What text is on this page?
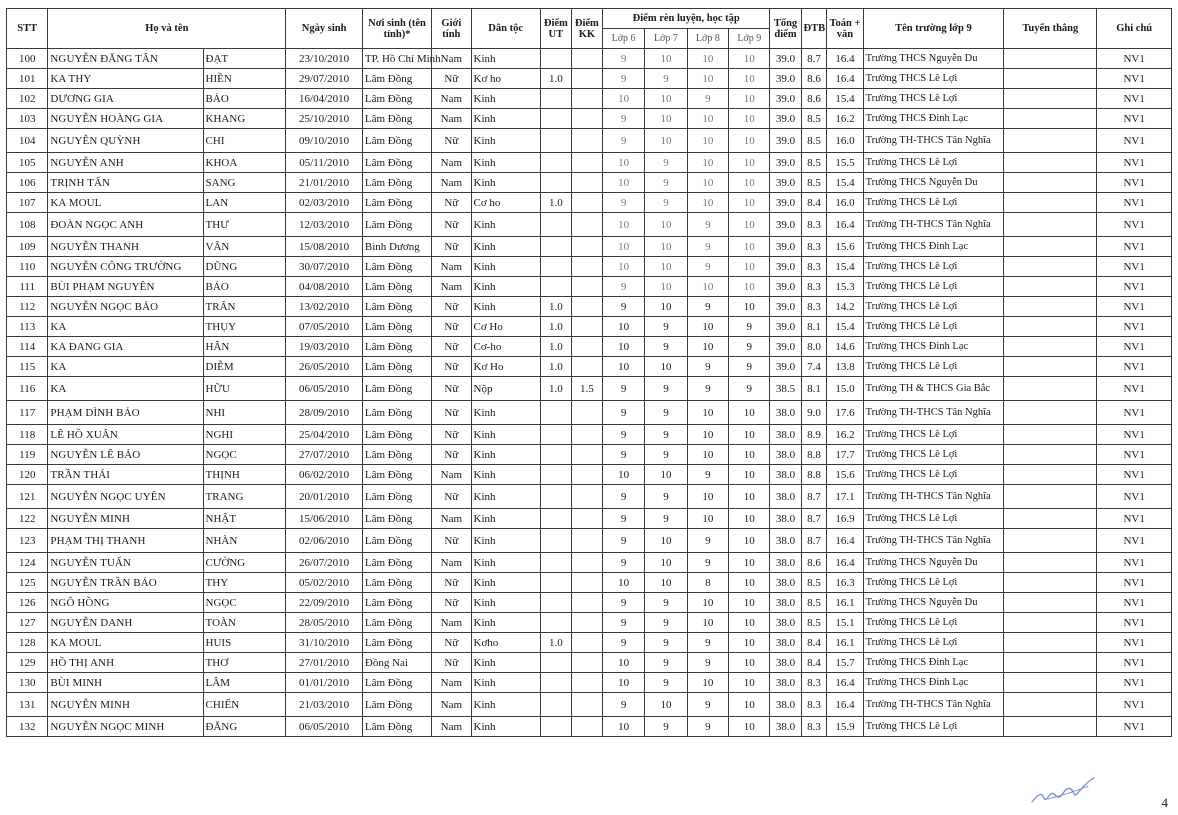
STT	Họ và tên		Ngày sinh	Nơi sinh (tên tỉnh)*	Giới tính	Dân tộc	Điểm UT	Điểm KK	Điểm rèn luyện, học tập				Tổng điểm	ĐTB	Toán + văn	Tên trường lớp 9	Tuyển thẳng	Ghi chú
									Lớp 6	Lớp 7	Lớp 8	Lớp 9						
100	NGUYỄN ĐĂNG TÂN	ĐẠT	23/10/2010	TP. Hồ Chí Minh	Nam	Kinh			9	10	10	10	39.0	8.7	16.4	Trường THCS Nguyễn Du		NV1
101	KA THY	HIỀN	29/07/2010	Lâm Đồng	Nữ	Kơ ho	1.0		9	9	10	10	39.0	8.6	16.4	Trường THCS Lê Lợi		NV1
102	DƯƠNG GIA	BẢO	16/04/2010	Lâm Đồng	Nam	Kinh			10	10	9	10	39.0	8.6	15.4	Trường THCS Lê Lợi		NV1
103	NGUYỄN HOÀNG GIA	KHANG	25/10/2010	Lâm Đồng	Nam	Kinh			9	10	10	10	39.0	8.5	16.2	Trường THCS Đinh Lạc		NV1
104	NGUYỄN QUỲNH	CHI	09/10/2010	Lâm Đồng	Nữ	Kinh			9	10	10	10	39.0	8.5	16.0	Trường TH-THCS Tân Nghĩa		NV1
105	NGUYỄN ANH	KHOA	05/11/2010	Lâm Đồng	Nam	Kinh			10	9	10	10	39.0	8.5	15.5	Trường THCS Lê Lợi		NV1
106	TRỊNH TẤN	SANG	21/01/2010	Lâm Đồng	Nam	Kinh			10	9	10	10	39.0	8.5	15.4	Trường THCS Nguyễn Du		NV1
107	KA MOUL	LAN	02/03/2010	Lâm Đồng	Nữ	Cơ ho	1.0		9	9	10	10	39.0	8.4	16.0	Trường THCS Lê Lợi		NV1
108	ĐOÀN NGỌC ANH	THƯ	12/03/2010	Lâm Đồng	Nữ	Kinh			10	10	9	10	39.0	8.3	16.4	Trường TH-THCS Tân Nghĩa		NV1
109	NGUYỄN THANH	VÂN	15/08/2010	Bình Dương	Nữ	Kinh			10	10	9	10	39.0	8.3	15.6	Trường THCS Đinh Lạc		NV1
110	NGUYỄN CÔNG TRƯỜNG	DŨNG	30/07/2010	Lâm Đồng	Nam	Kinh			10	10	9	10	39.0	8.3	15.4	Trường THCS Lê Lợi		NV1
111	BÙI PHẠM NGUYÊN	BẢO	04/08/2010	Lâm Đồng	Nam	Kinh			9	10	10	10	39.0	8.3	15.3	Trường THCS Lê Lợi		NV1
112	NGUYỄN NGỌC BẢO	TRÂN	13/02/2010	Lâm Đồng	Nữ	Kinh	1.0		9	10	9	10	39.0	8.3	14.2	Trường THCS Lê Lợi		NV1
113	KA	THỤY	07/05/2010	Lâm Đồng	Nữ	Cơ Ho	1.0		10	9	10	9	39.0	8.1	15.4	Trường THCS Lê Lợi		NV1
114	KA ĐANG GIA	HÂN	19/03/2010	Lâm Đồng	Nữ	Cơ-ho	1.0		10	9	10	9	39.0	8.0	14.6	Trường THCS Đinh Lạc		NV1
115	KA	DIỄM	26/05/2010	Lâm Đồng	Nữ	Kơ Ho	1.0		10	10	9	9	39.0	7.4	13.8	Trường THCS Lê Lợi		NV1
116	KA	HỮU	06/05/2010	Lâm Đồng	Nữ	Nộp	1.0	1.5	9	9	9	9	38.5	8.1	15.0	Trường TH & THCS Gia Bắc		NV1
117	PHẠM DÌNH BẢO	NHI	28/09/2010	Lâm Đồng	Nữ	Kinh			9	9	10	10	38.0	9.0	17.6	Trường TH-THCS Tân Nghĩa		NV1
118	LÊ HỒ XUÂN	NGHI	25/04/2010	Lâm Đồng	Nữ	Kinh			9	9	10	10	38.0	8.9	16.2	Trường THCS Lê Lợi		NV1
119	NGUYỄN LÊ BẢO	NGỌC	27/07/2010	Lâm Đồng	Nữ	Kinh			9	9	10	10	38.0	8.8	17.7	Trường THCS Lê Lợi		NV1
120	TRẦN THÁI	THỊNH	06/02/2010	Lâm Đồng	Nam	Kinh			10	10	9	10	38.0	8.8	15.6	Trường THCS Lê Lợi		NV1
121	NGUYỄN NGỌC UYÊN	TRANG	20/01/2010	Lâm Đồng	Nữ	Kinh			9	9	10	10	38.0	8.7	17.1	Trường TH-THCS Tân Nghĩa		NV1
122	NGUYỄN MINH	NHẬT	15/06/2010	Lâm Đồng	Nam	Kinh			9	9	10	10	38.0	8.7	16.9	Trường THCS Lê Lợi		NV1
123	PHẠM THỊ THANH	NHÀN	02/06/2010	Lâm Đồng	Nữ	Kinh			9	10	9	10	38.0	8.7	16.4	Trường TH-THCS Tân Nghĩa		NV1
124	NGUYỄN TUẤN	CƯỜNG	26/07/2010	Lâm Đồng	Nam	Kinh			9	10	9	10	38.0	8.6	16.4	Trường THCS Nguyễn Du		NV1
125	NGUYỄN TRẦN BẢO	THY	05/02/2010	Lâm Đồng	Nữ	Kinh			10	10	8	10	38.0	8.5	16.3	Trường THCS Lê Lợi		NV1
126	NGÔ HỒNG	NGỌC	22/09/2010	Lâm Đồng	Nữ	Kinh			9	9	10	10	38.0	8.5	16.1	Trường THCS Nguyễn Du		NV1
127	NGUYỄN DANH	TOÀN	28/05/2010	Lâm Đồng	Nam	Kinh			9	9	10	10	38.0	8.5	15.1	Trường THCS Lê Lợi		NV1
128	KA MOUL	HUIS	31/10/2010	Lâm Đồng	Nữ	Kơho	1.0		9	9	9	10	38.0	8.4	16.1	Trường THCS Lê Lợi		NV1
129	HỒ THỊ ANH	THƠ	27/01/2010	Đồng Nai	Nữ	Kinh			10	9	9	10	38.0	8.4	15.7	Trường THCS Đinh Lạc		NV1
130	BÙI MINH	LÂM	01/01/2010	Lâm Đồng	Nam	Kinh			10	9	10	10	38.0	8.3	16.4	Trường THCS Đinh Lạc		NV1
131	NGUYỄN MINH	CHIẾN	21/03/2010	Lâm Đồng	Nam	Kinh			9	10	9	10	38.0	8.3	16.4	Trường TH-THCS Tân Nghĩa		NV1
132	NGUYỄN NGỌC MINH	ĐĂNG	06/05/2010	Lâm Đồng	Nam	Kinh			10	9	9	10	38.0	8.3	15.9	Trường THCS Lê Lợi		NV1
4
